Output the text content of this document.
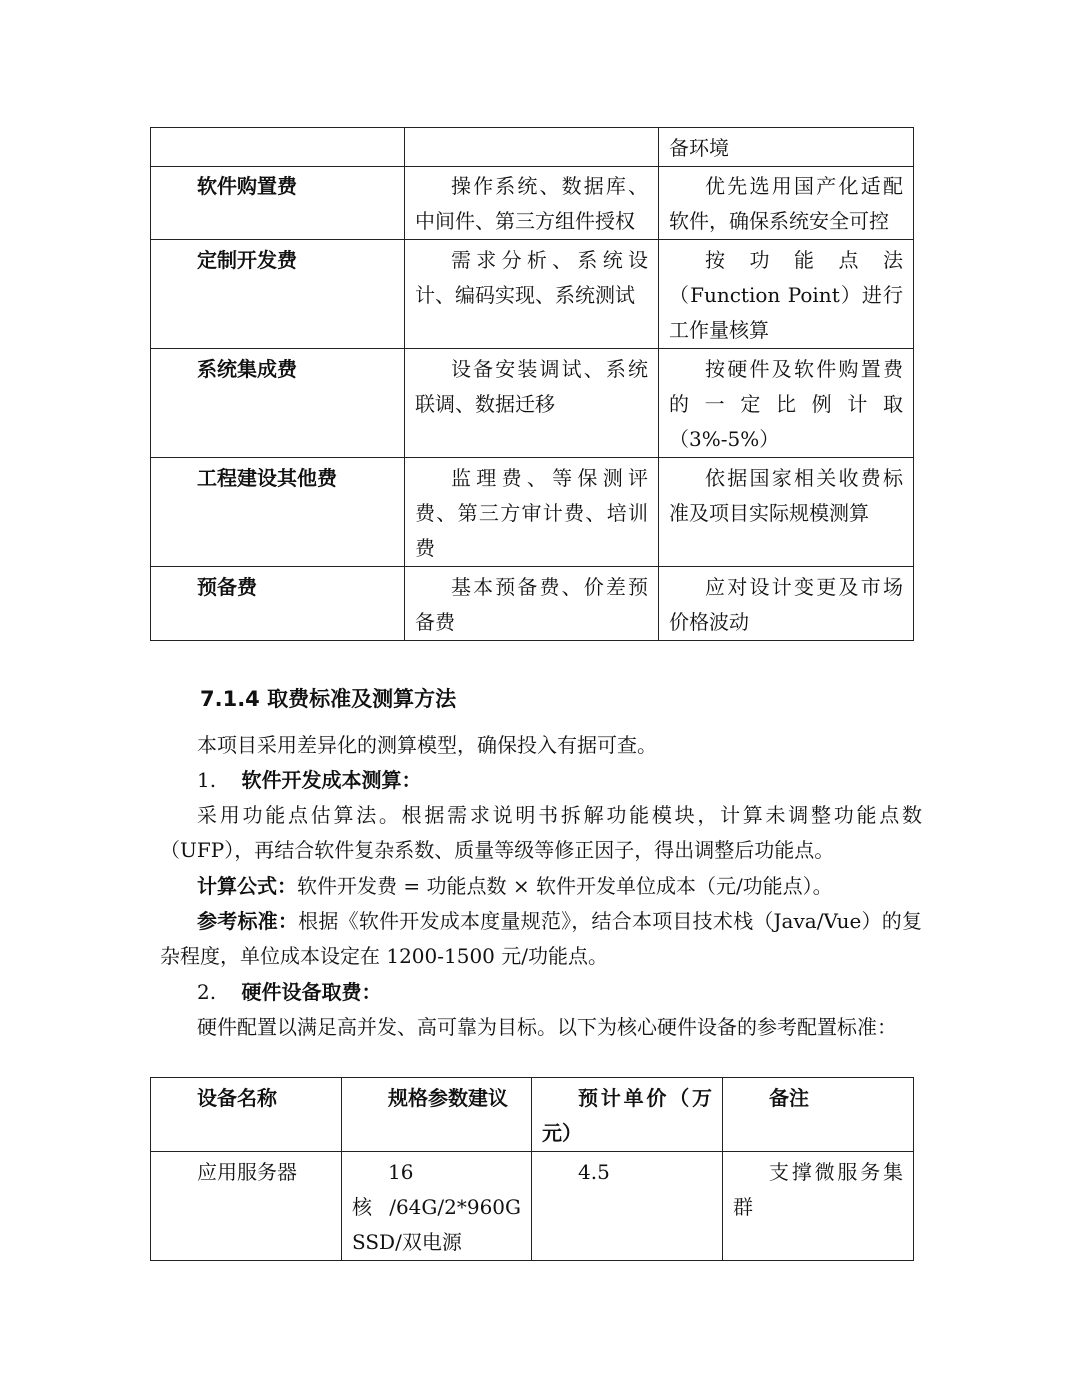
		备环境

软件购置费	操作系统、数据库、中间件、第三方组件授权	优先选用国产化适配软件，确保系统安全可控

定制开发费	需求分析、系统设计、编码实现、系统测试	按功能点法（Function Point）进行工作量核算

系统集成费	设备安装调试、系统联调、数据迁移	按硬件及软件购置费的一定比例计取（3%-5%）

工程建设其他费	监理费、等保测评费、第三方审计费、培训费	依据国家相关收费标准及项目实际规模测算

预备费	基本预备费、价差预备费	应对设计变更及市场价格波动
7.1.4 取费标准及测算方法
本项目采用差异化的测算模型，确保投入有据可查。
1. 软件开发成本测算：
采用功能点估算法。根据需求说明书拆解功能模块，计算未调整功能点数（UFP），再结合软件复杂系数、质量等级等修正因子，得出调整后功能点。
计算公式：软件开发费 = 功能点数 × 软件开发单位成本（元/功能点）。
参考标准：根据《软件开发成本度量规范》，结合本项目技术栈（Java/Vue）的复杂程度，单位成本设定在 1200-1500 元/功能点。
2. 硬件设备取费：
硬件配置以满足高并发、高可靠为目标。以下为核心硬件设备的参考配置标准：
设备名称	规格参数建议	预计单价（万元）	备注

应用服务器	16 核/64G/2*960G SSD/双电源	4.5	支撑微服务集群
